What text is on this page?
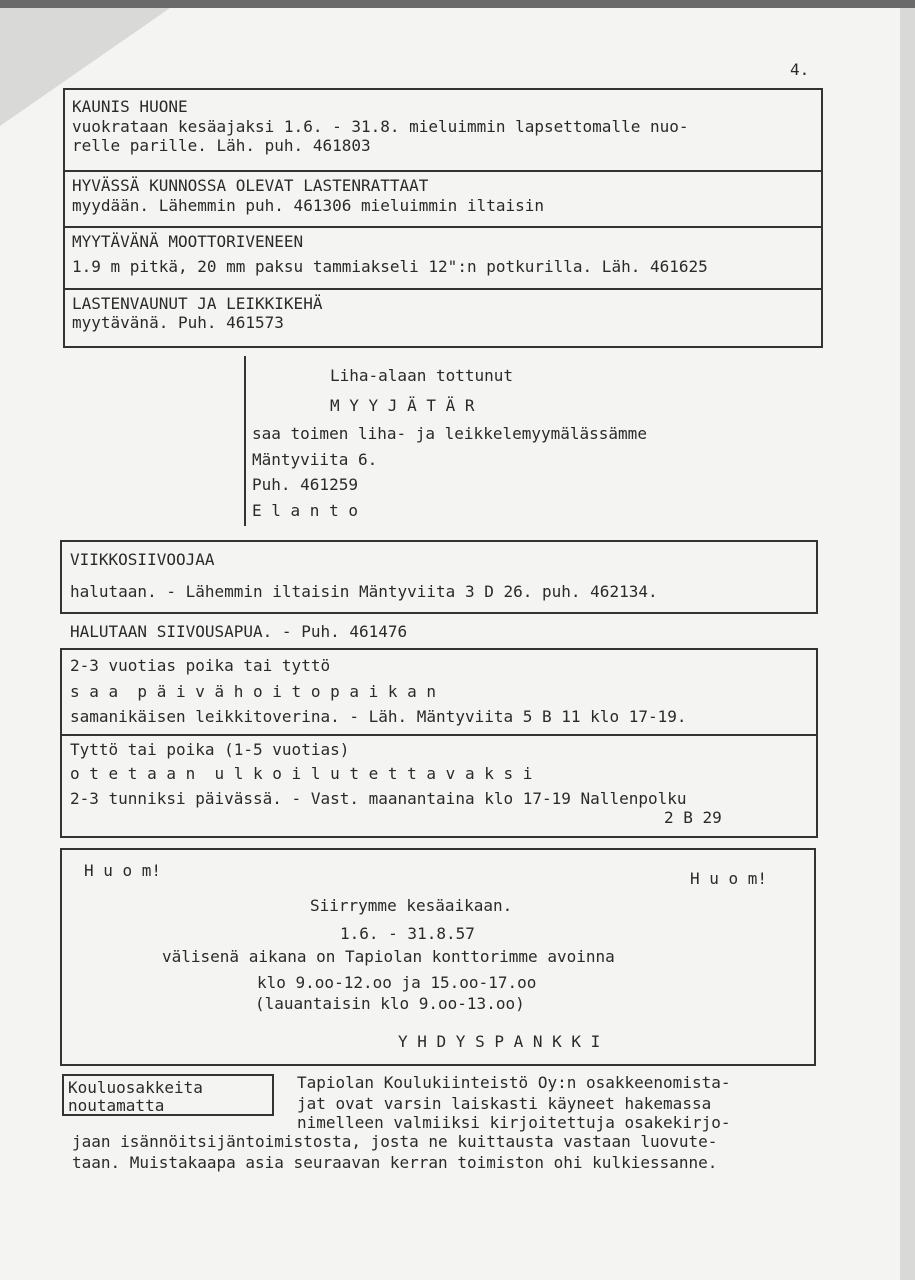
4.
KAUNIS HUONE
vuokrataan kesäajaksi 1.6. - 31.8. mieluimmin lapsettomalle nuo-
relle parille. Läh. puh. 461803
HYVÄSSÄ KUNNOSSA OLEVAT LASTENRATTAAT
myydään. Lähemmin puh. 461306 mieluimmin iltaisin
MYYTÄVÄNÄ MOOTTORIVENEEN
1.9 m pitkä, 20 mm paksu tammiakseli 12":n potkurilla. Läh. 461625
LASTENVAUNUT JA LEIKKIKEHÄ
myytävänä. Puh. 461573
Liha-alaan tottunut
M Y Y J Ä T Ä R
saa toimen liha- ja leikkelemyymälässämme
Mäntyviita 6.
Puh. 461259
E l a n t o
VIIKKOSIIVOOJAA
halutaan. - Lähemmin iltaisin Mäntyviita 3 D 26. puh. 462134.
HALUTAAN SIIVOUSAPUA. - Puh. 461476
2-3 vuotias poika tai tyttö
s a a  p ä i v ä h o i t o p a i k a n
samanikäisen leikkitoverina. - Läh. Mäntyviita 5 B 11 klo 17-19.
Tyttö tai poika (1-5 vuotias)
o t e t a a n  u l k o i l u t e t t a v a k s i
2-3 tunniksi päivässä. - Vast. maanantaina klo 17-19 Nallenpolku
2 B 29
H u o m!	H u o m!
Siirrymme kesäaikaan.
1.6. - 31.8.57
välisenä aikana on Tapiolan konttorimme avoinna
klo 9.oo-12.oo ja 15.oo-17.oo
(lauantaisin klo 9.oo-13.oo)
Y H D Y S P A N K K I
Kouluosakkeita
noutamatta
Tapiolan Koulukiinteistö Oy:n osakkeenomista-
jat ovat varsin laiskasti käyneet hakemassa
nimelleen valmiiksi kirjoitettuja osakekirjo-
jaan isännöitsijäntoimistosta, josta ne kuittausta vastaan luovute-
taan. Muistakaapa asia seuraavan kerran toimiston ohi kulkiessanne.
